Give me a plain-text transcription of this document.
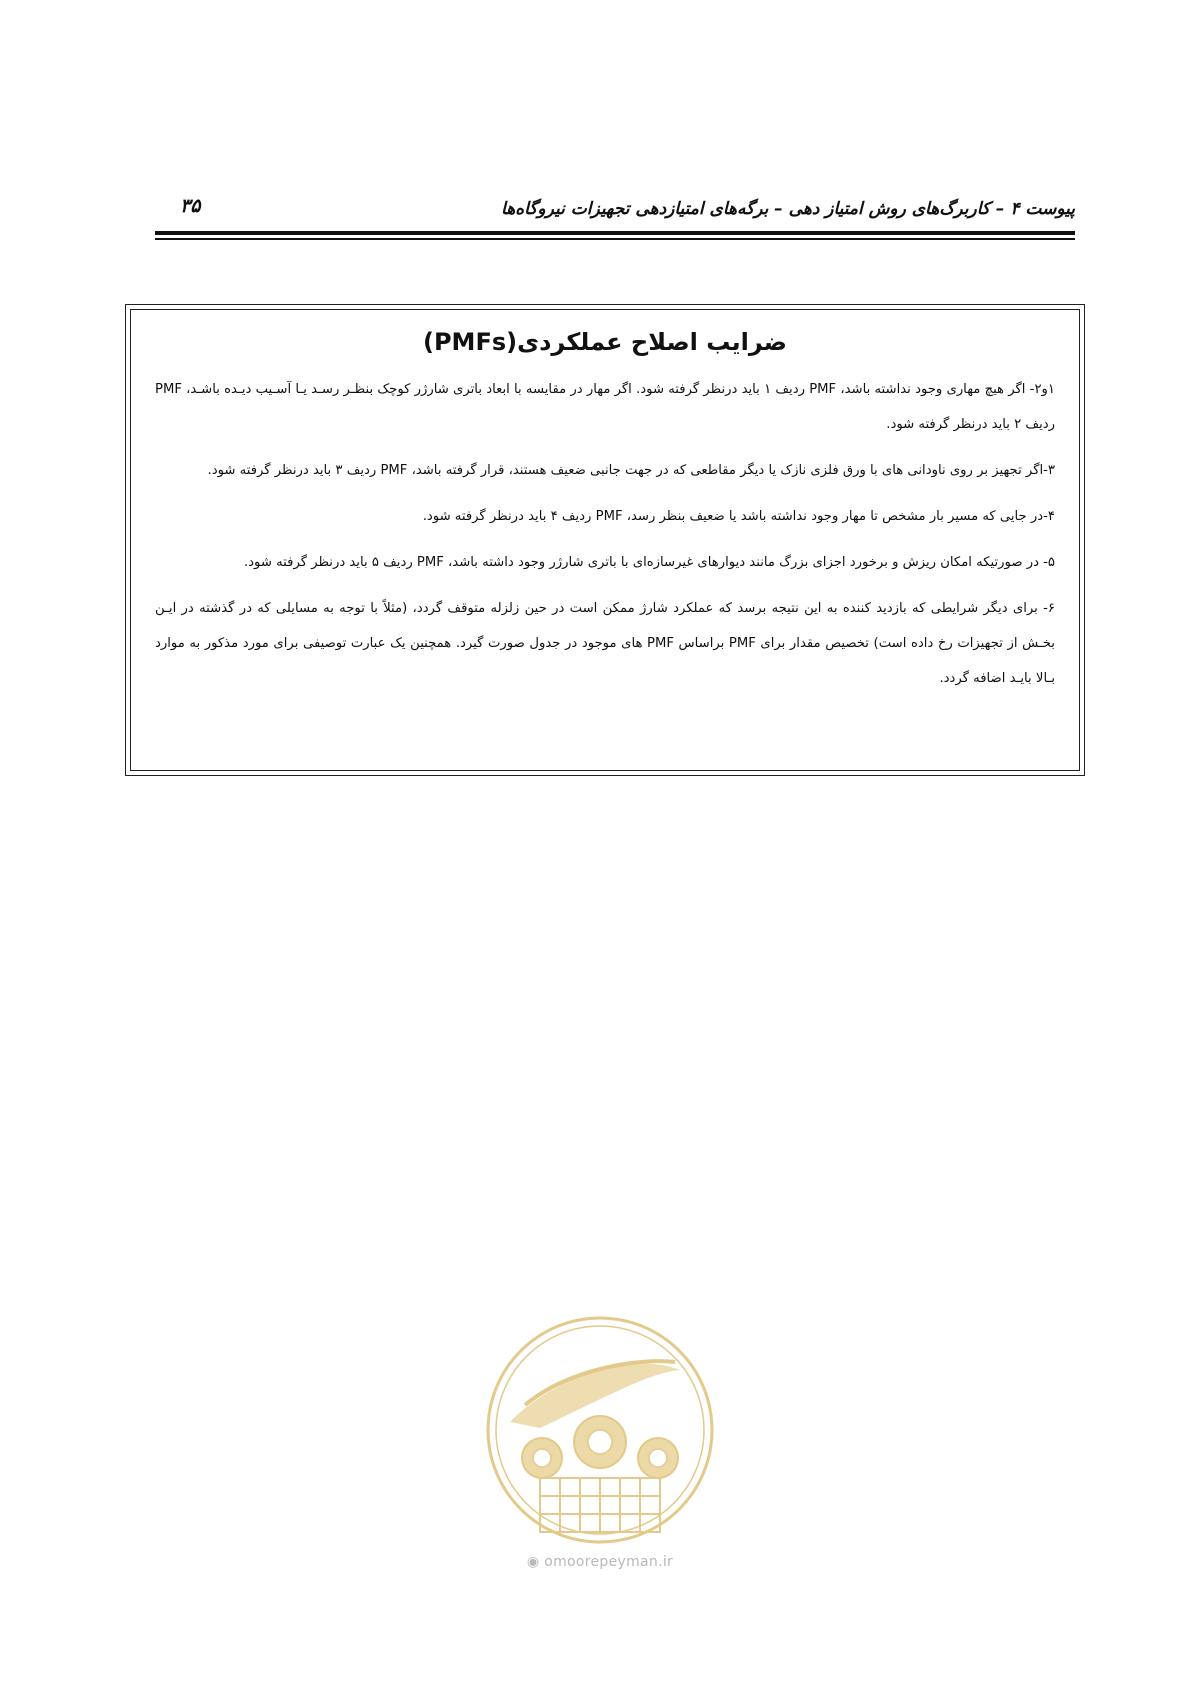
پیوست ۴ – کاربرگ‌های روش امتیاز دهی – برگه‌های امتیازدهی تجهیزات نیروگاه‌ها
۳۵
ضرایب اصلاح عملکردی(PMFs)

۱و۲- اگر هیچ مهاری وجود نداشته باشد، PMF ردیف ۱ باید درنظر گرفته شود. اگر مهار در مقایسه با ابعاد باتری شارژر کوچک بنظـر رسـد یـا آسـیب دیـده باشـد، PMF ردیف ۲ باید درنظر گرفته شود.

۳-اگر تجهیز بر روی ناودانی های با ورق فلزی نازک یا دیگر مقاطعی که در جهت جانبی ضعیف هستند، قرار گرفته باشد، PMF ردیف ۳ باید درنظر گرفته شود.

۴-در جایی که مسیر بار مشخص تا مهار وجود نداشته باشد یا ضعیف بنظر رسد، PMF ردیف ۴ باید درنظر گرفته شود.

۵- در صورتیکه امکان ریزش و برخورد اجزای بزرگ مانند دیوارهای غیرسازه‌ای با باتری شارژر وجود داشته باشد، PMF ردیف ۵ باید درنظر گرفته شود.

۶- برای دیگر شرایطی که بازدید کننده به این نتیجه برسد که عملکرد شارژ ممکن است در حین زلزله متوقف گردد، (مثلاً با توجه به مسایلی که در گذشته در ایـن بخـش از تجهیزات رخ داده است) تخصیص مقدار برای PMF براساس PMF های موجود در جدول صورت گیرد. همچنین یک عبارت توصیفی برای مورد مذکور به موارد بـالا بایـد اضافه گردد.

◉ omoorepeyman.ir
